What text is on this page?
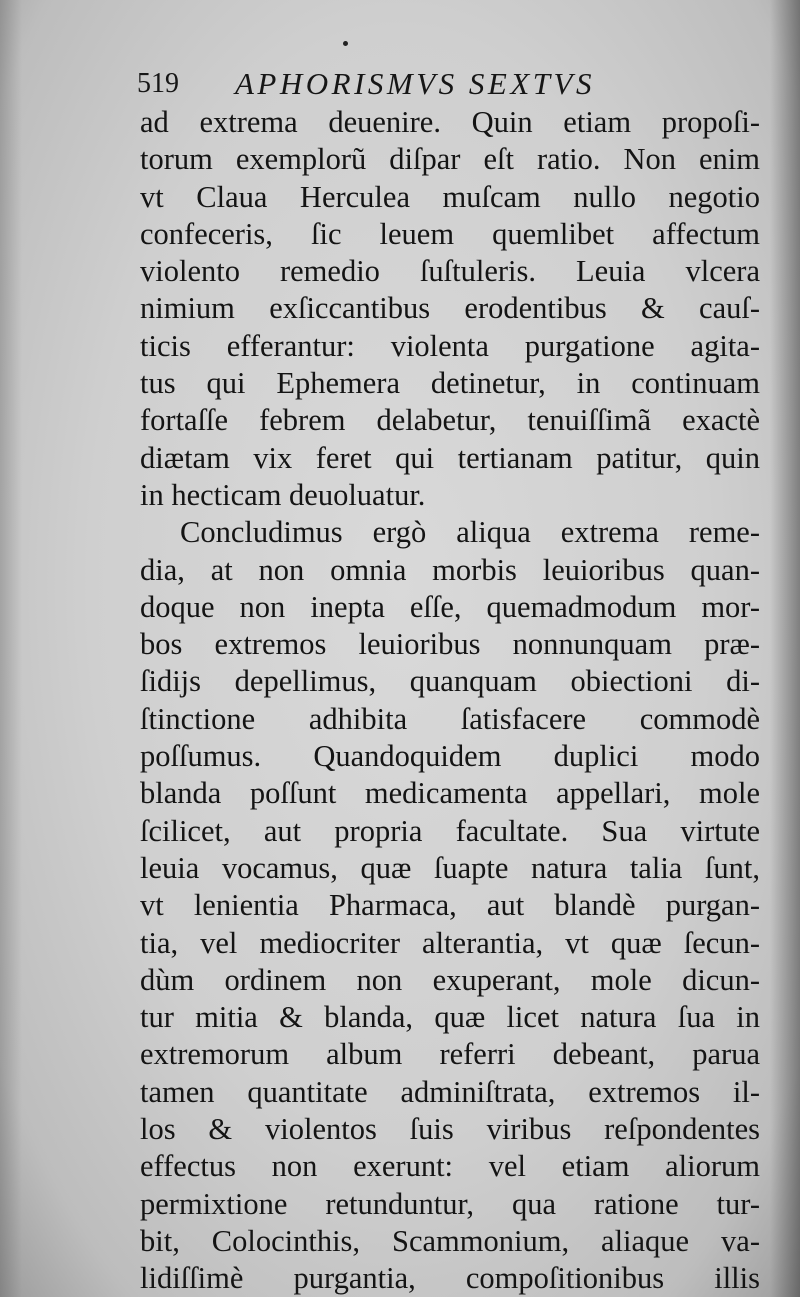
519 APHORISMVS SEXTVS
ad extrema deuenire. Quin etiam propoſi-
torum exemplorũ diſpar eſt ratio. Non enim
vt Claua Herculea muſcam nullo negotio
confeceris, ſic leuem quemlibet affectum
violento remedio ſuſtuleris. Leuia vlcera
nimium exſiccantibus erodentibus & cauſ-
ticis efferantur: violenta purgatione agita-
tus qui Ephemera detinetur, in continuam
fortaſſe febrem delabetur, tenuiſſimã exactè
diætam vix feret qui tertianam patitur, quin
in hecticam deuoluatur.
Concludimus ergò aliqua extrema reme-
dia, at non omnia morbis leuioribus quan-
doque non inepta eſſe, quemadmodum mor-
bos extremos leuioribus nonnunquam præ-
ſidijs depellimus, quanquam obiectioni di-
ſtinctione adhibita ſatisfacere commodè
poſſumus. Quandoquidem duplici modo
blanda poſſunt medicamenta appellari, mole
ſcilicet, aut propria facultate. Sua virtute
leuia vocamus, quæ ſuapte natura talia ſunt,
vt lenientia Pharmaca, aut blandè purgan-
tia, vel mediocriter alterantia, vt quæ ſecun-
dùm ordinem non exuperant, mole dicun-
tur mitia & blanda, quæ licet natura ſua in
extremorum album referri debeant, parua
tamen quantitate adminiſtrata, extremos il-
los & violentos ſuis viribus reſpondentes
effectus non exerunt: vel etiam aliorum
permixtione retunduntur, qua ratione tur-
bit, Colocinthis, Scammonium, aliaque va-
lidiſſimè purgantia, compoſitionibus illis
